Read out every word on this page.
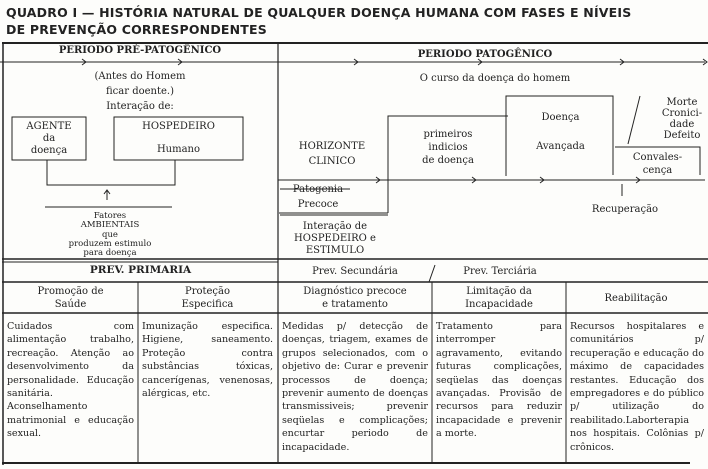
QUADRO I — HISTÓRIA NATURAL DE QUALQUER DOENÇA HUMANA COM FASES E NÍVEIS
DE PREVENÇÃO CORRESPONDENTES
PERIODO PRÉ-PATOGÊNICO
(Antes do Homem
ficar doente.)
Interação de:
AGENTE
da
doença
HOSPEDEIRO
Humano
Fatores
AMBIENTAIS
que
produzem estimulo
para doença
PERIODO PATOGÊNICO
O curso da doença do homem
HORIZONTE
CLINICO
Patogenia
Precoce
Interação de
HOSPEDEIRO e
ESTIMULO
primeiros
indicios
de doença
Doença
Avançada
Morte
Cronici-
dade
Defeito
Convales-
cença
Recuperação
PREV. PRIMARIA	Prev. Secundária	Prev. Terciária
Promoção de
Saúde
Cuidados com alimentação trabalho, recreação. Atenção ao desenvolvimento da personalidade. Educação sanitária. Aconselhamento matrimonial e educação sexual.
Proteção
Especifica
Imunização especifica. Higiene, saneamento. Proteção contra substâncias tóxicas, cancerígenas, venenosas, alérgicas, etc.
Diagnóstico precoce
e tratamento
Medidas p/ detecção de doenças, triagem, exames de grupos selecionados, com o objetivo de: Curar e prevenir processos de doença; prevenir aumento de doenças transmissiveis; prevenir seqüelas e complicações; encurtar periodo de incapacidade.
Limitação da
Incapacidade
Tratamento para interromper agravamento, evitando futuras complicações, seqüelas das doenças avançadas. Provisão de recursos para reduzir incapacidade e prevenir a morte.
Reabilitação
Recursos hospitalares e comunitários p/ recuperação e educação do máximo de capacidades restantes. Educação dos empregadores e do público p/ utilização do reabilitado.Laborterapia nos hospitais. Colônias p/ crônicos.
